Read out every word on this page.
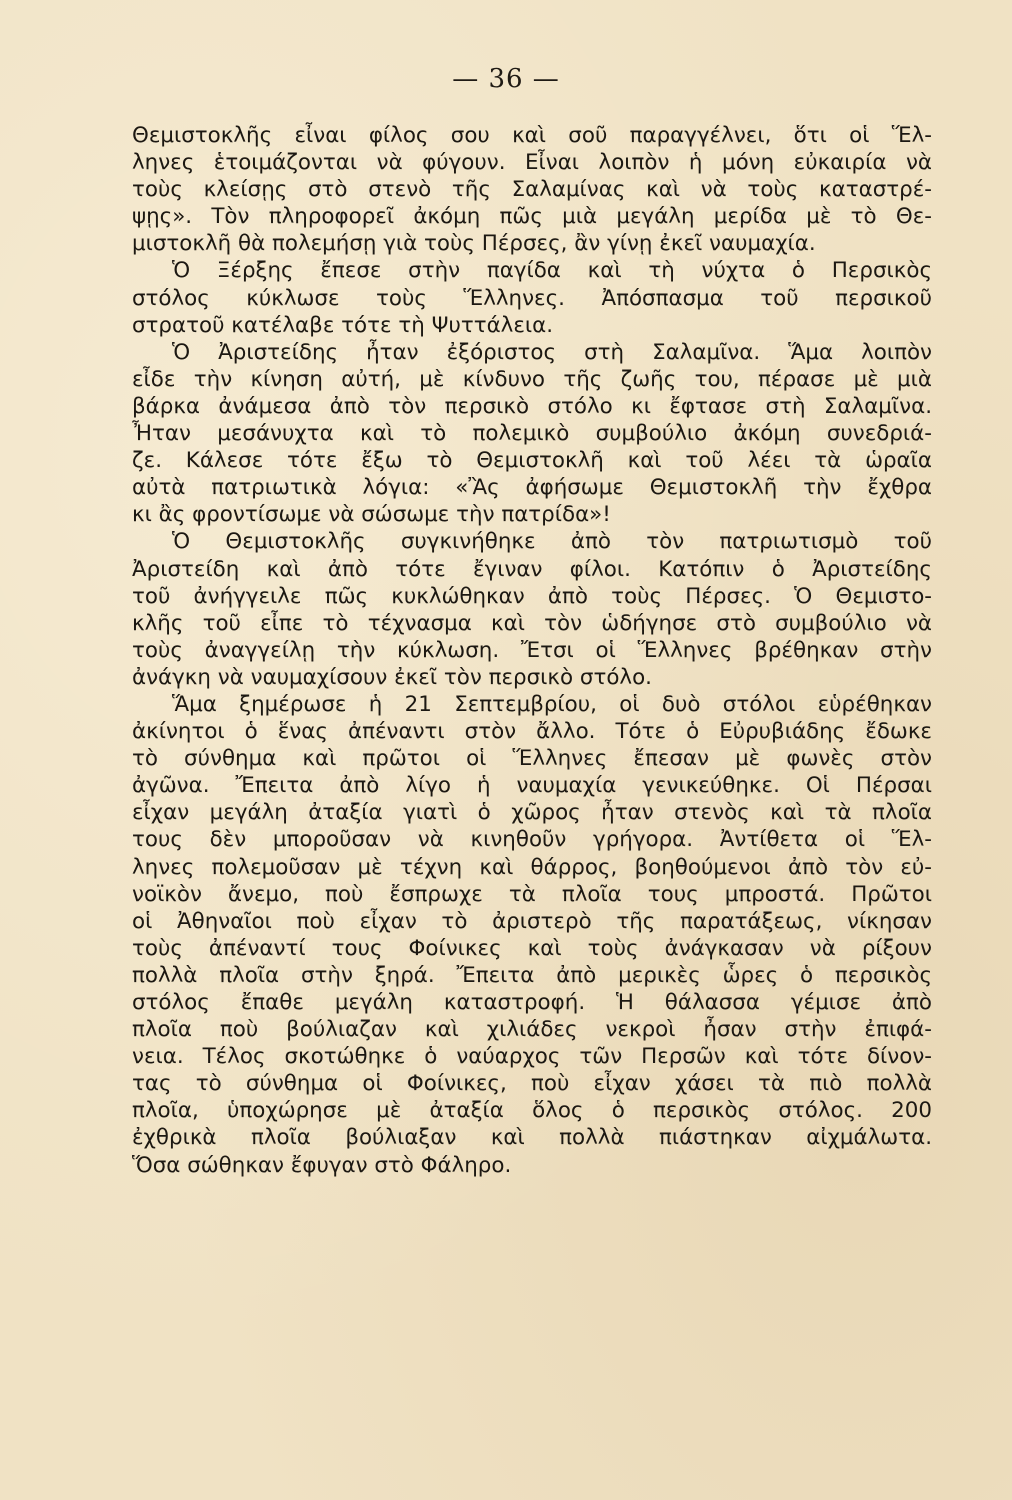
— 36 —
Θεμιστοκλῆς εἶναι φίλος σου καὶ σοῦ παραγγέλνει, ὅτι οἱ Ἕλ-
ληνες ἑτοιμάζονται νὰ φύγουν. Εἶναι λοιπὸν ἡ μόνη εὐκαιρία νὰ
τοὺς κλείσῃς στὸ στενὸ τῆς Σαλαμίνας καὶ νὰ τοὺς καταστρέ-
ψῃς». Τὸν πληροφορεῖ ἀκόμη πῶς μιὰ μεγάλη μερίδα μὲ τὸ Θε-
μιστοκλῆ θὰ πολεμήσῃ γιὰ τοὺς Πέρσες, ἂν γίνῃ ἐκεῖ ναυμαχία.
Ὁ Ξέρξης ἔπεσε στὴν παγίδα καὶ τὴ νύχτα ὁ Περσικὸς
στόλος κύκλωσε τοὺς Ἕλληνες. Ἀπόσπασμα τοῦ περσικοῦ
στρατοῦ κατέλαβε τότε τὴ Ψυττάλεια.
Ὁ Ἀριστείδης ἦταν ἐξόριστος στὴ Σαλαμῖνα. Ἅμα λοιπὸν
εἶδε τὴν κίνηση αὐτή, μὲ κίνδυνο τῆς ζωῆς του, πέρασε μὲ μιὰ
βάρκα ἀνάμεσα ἀπὸ τὸν περσικὸ στόλο κι ἔφτασε στὴ Σαλαμῖνα.
Ἦταν μεσάνυχτα καὶ τὸ πολεμικὸ συμβούλιο ἀκόμη συνεδριά-
ζε. Κάλεσε τότε ἔξω τὸ Θεμιστοκλῆ καὶ τοῦ λέει τὰ ὡραῖα
αὐτὰ πατριωτικὰ λόγια: «Ἂς ἀφήσωμε Θεμιστοκλῆ τὴν ἔχθρα
κι ἂς φροντίσωμε νὰ σώσωμε τὴν πατρίδα»!
Ὁ Θεμιστοκλῆς συγκινήθηκε ἀπὸ τὸν πατριωτισμὸ τοῦ
Ἀριστείδη καὶ ἀπὸ τότε ἔγιναν φίλοι. Κατόπιν ὁ Ἀριστείδης
τοῦ ἀνήγγειλε πῶς κυκλώθηκαν ἀπὸ τοὺς Πέρσες. Ὁ Θεμιστο-
κλῆς τοῦ εἶπε τὸ τέχνασμα καὶ τὸν ὡδήγησε στὸ συμβούλιο νὰ
τοὺς ἀναγγείλῃ τὴν κύκλωση. Ἔτσι οἱ Ἕλληνες βρέθηκαν στὴν
ἀνάγκη νὰ ναυμαχίσουν ἐκεῖ τὸν περσικὸ στόλο.
Ἅμα ξημέρωσε ἡ 21 Σεπτεμβρίου, οἱ δυὸ στόλοι εὑρέθηκαν
ἀκίνητοι ὁ ἕνας ἀπέναντι στὸν ἄλλο. Τότε ὁ Εὐρυβιάδης ἔδωκε
τὸ σύνθημα καὶ πρῶτοι οἱ Ἕλληνες ἔπεσαν μὲ φωνὲς στὸν
ἀγῶνα. Ἔπειτα ἀπὸ λίγο ἡ ναυμαχία γενικεύθηκε. Οἱ Πέρσαι
εἶχαν μεγάλη ἀταξία γιατὶ ὁ χῶρος ἦταν στενὸς καὶ τὰ πλοῖα
τους δὲν μποροῦσαν νὰ κινηθοῦν γρήγορα. Ἀντίθετα οἱ Ἕλ-
ληνες πολεμοῦσαν μὲ τέχνη καὶ θάρρος, βοηθούμενοι ἀπὸ τὸν εὐ-
νοϊκὸν ἄνεμο, ποὺ ἔσπρωχε τὰ πλοῖα τους μπροστά. Πρῶτοι
οἱ Ἀθηναῖοι ποὺ εἶχαν τὸ ἀριστερὸ τῆς παρατάξεως, νίκησαν
τοὺς ἀπέναντί τους Φοίνικες καὶ τοὺς ἀνάγκασαν νὰ ρίξουν
πολλὰ πλοῖα στὴν ξηρά. Ἔπειτα ἀπὸ μερικὲς ὧρες ὁ περσικὸς
στόλος ἔπαθε μεγάλη καταστροφή. Ἡ θάλασσα γέμισε ἀπὸ
πλοῖα ποὺ βούλιαζαν καὶ χιλιάδες νεκροὶ ἦσαν στὴν ἐπιφά-
νεια. Τέλος σκοτώθηκε ὁ ναύαρχος τῶν Περσῶν καὶ τότε δίνον-
τας τὸ σύνθημα οἱ Φοίνικες, ποὺ εἶχαν χάσει τὰ πιὸ πολλὰ
πλοῖα, ὑποχώρησε μὲ ἀταξία ὅλος ὁ περσικὸς στόλος. 200
ἐχθρικὰ πλοῖα βούλιαξαν καὶ πολλὰ πιάστηκαν αἰχμάλωτα.
Ὅσα σώθηκαν ἔφυγαν στὸ Φάληρο.
